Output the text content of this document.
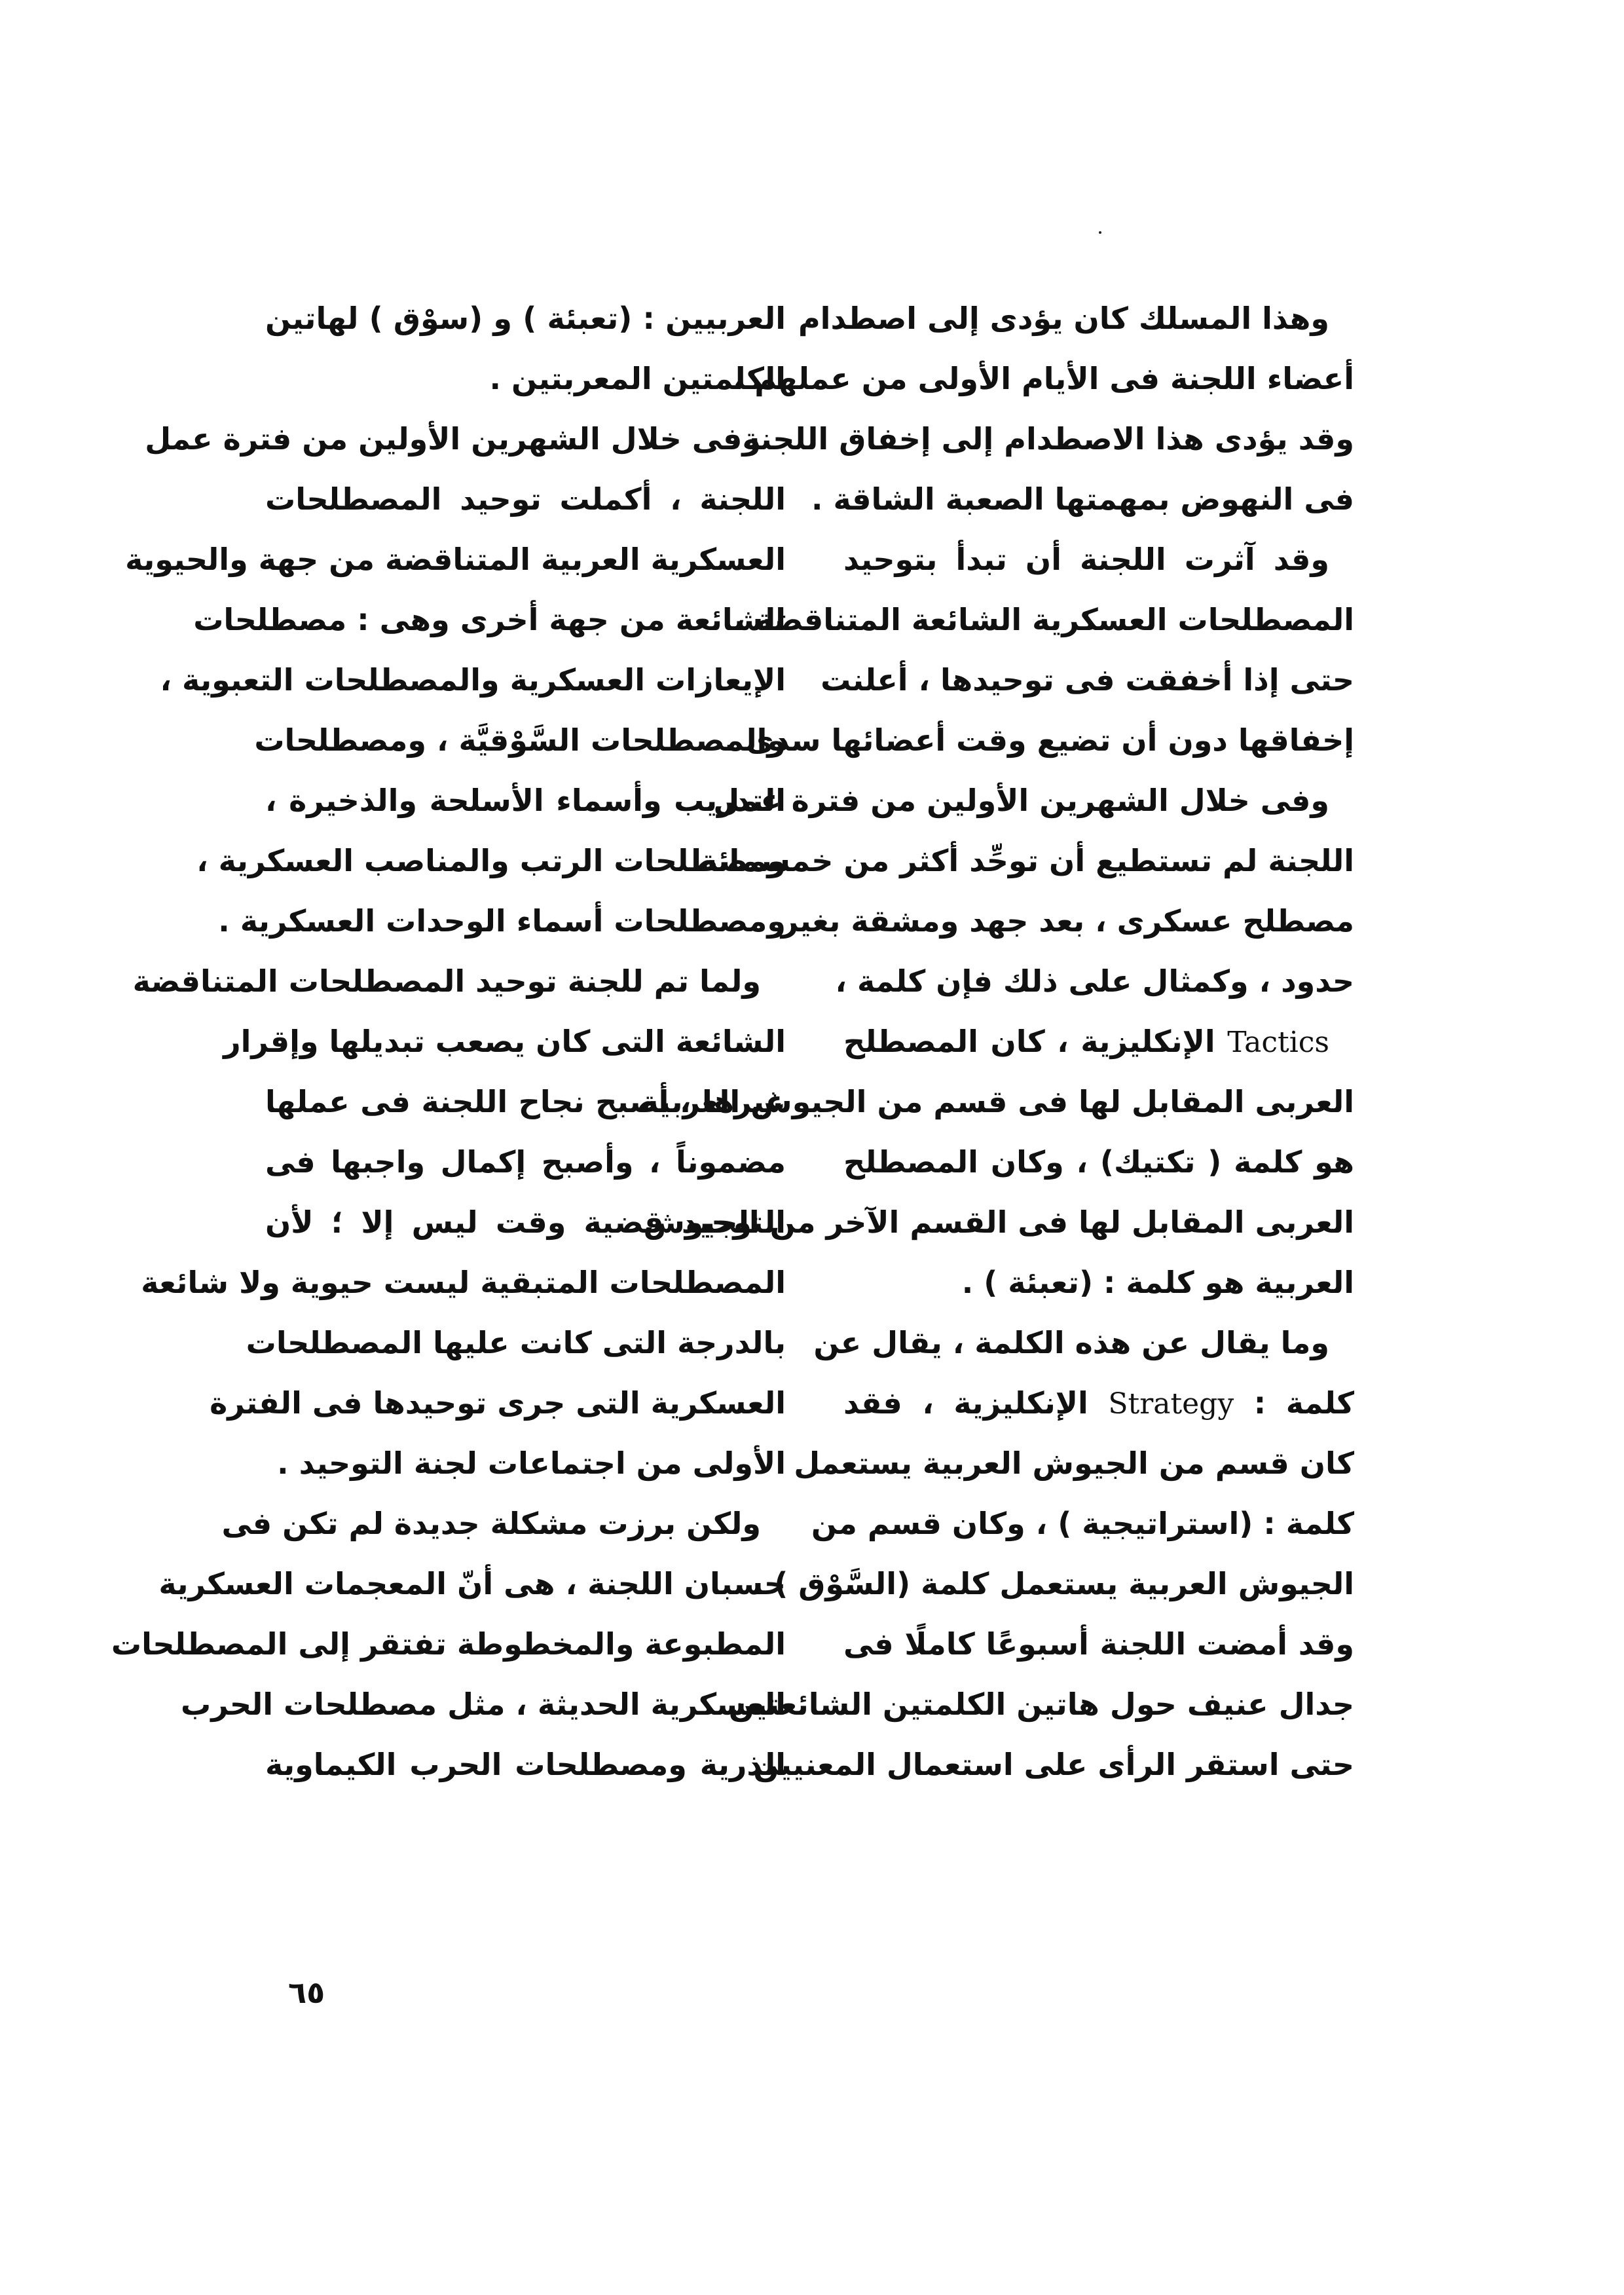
وهذا المسلك كان يؤدى إلى اصطدام
أعضاء اللجنة فى الأيام الأولى من عملهم ،
وقد يؤدى هذا الاصطدام إلى إخفاق اللجنة
فى النهوض بمهمتها الصعبة الشاقة .
وقد آثرت اللجنة أن تبدأ بتوحيد
المصطلحات العسكرية الشائعة المتناقضة ،
حتى إذا أخفقت فى توحيدها ، أعلنت
إخفاقها دون أن تضيع وقت أعضائها سدى .
وفى خلال الشهرين الأولين من فترة عمل
اللجنة لم تستطيع أن توحِّد أكثر من خمسمائة
مصطلح عسكرى ، بعد جهد ومشقة بغير
حدود ، وكمثال على ذلك فإن كلمة ،
Tactics الإنكليزية ، كان المصطلح
العربى المقابل لها فى قسم من الجيوش العربية
هو كلمة ( تكتيك) ، وكان المصطلح
العربى المقابل لها فى القسم الآخر من الجيوش
العربية هو كلمة : (تعبئة ) .
وما يقال عن هذه الكلمة ، يقال عن
كلمة : Strategy الإنكليزية ، فقد
كان قسم من الجيوش العربية يستعمل
كلمة : (استراتيجية ) ، وكان قسم من
الجيوش العربية يستعمل كلمة (السَّوْق ) .
وقد أمضت اللجنة أسبوعًا كاملًا فى
جدال عنيف حول هاتين الكلمتين الشائعتين
حتى استقر الرأى على استعمال المعنيين
العربيين : (تعبئة ) و (سوْق ) لهاتين
الكلمتين المعربتين .
وفى خلال الشهرين الأولين من فترة عمل
اللجنة ، أكملت توحيد المصطلحات
العسكرية العربية المتناقضة من جهة والحيوية
الشائعة من جهة أخرى وهى : مصطلحات
الإيعازات العسكرية والمصطلحات التعبوية ،
والمصطلحات السَّوْقيَّة ، ومصطلحات
التدريب وأسماء الأسلحة والذخيرة ،
ومصطلحات الرتب والمناصب العسكرية ،
ومصطلحات أسماء الوحدات العسكرية .
ولما تم للجنة توحيد المصطلحات المتناقضة
الشائعة التى كان يصعب تبديلها وإقرار
غيرها ، أصبح نجاح اللجنة فى عملها
مضموناً ، وأصبح إكمال واجبها فى
التوحيد قضية وقت ليس إلا ؛ لأن
المصطلحات المتبقية ليست حيوية ولا شائعة
بالدرجة التى كانت عليها المصطلحات
العسكرية التى جرى توحيدها فى الفترة
الأولى من اجتماعات لجنة التوحيد .
ولكن برزت مشكلة جديدة لم تكن فى
حسبان اللجنة ، هى أنّ المعجمات العسكرية
المطبوعة والمخطوطة تفتقر إلى المصطلحات
العسكرية الحديثة ، مثل مصطلحات الحرب
الذرية ومصطلحات الحرب الكيماوية
٦٥
